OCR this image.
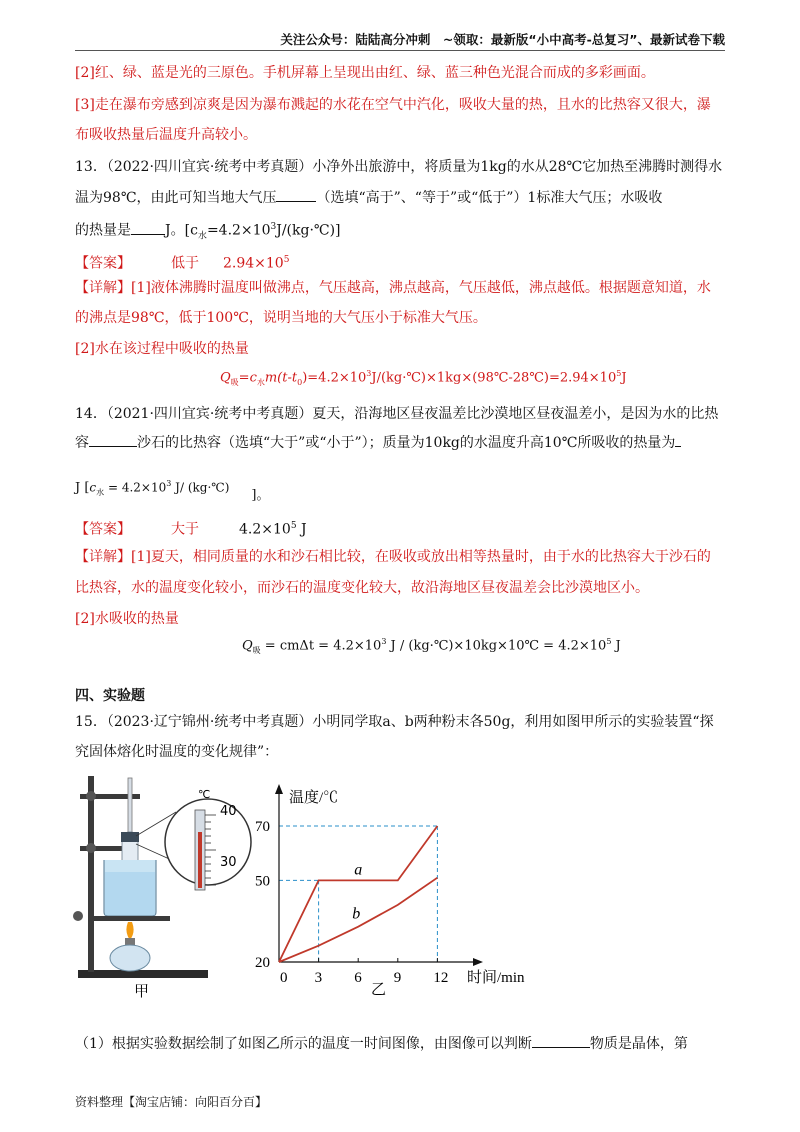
关注公众号：陆陆高分冲刺　~领取：最新版“小中高考-总复习”、最新试卷下载
[2]红、绿、蓝是光的三原色。手机屏幕上呈现出由红、绿、蓝三种色光混合而成的多彩画面。
[3]走在瀑布旁感到凉爽是因为瀑布溅起的水花在空气中汽化，吸收大量的热，且水的比热容又很大，瀑
布吸收热量后温度升高较小。
13．（2022·四川宜宾·统考中考真题）小净外出旅游中，将质量为1kg的水从28℃它加热至沸腾时测得水
温为98℃，由此可知当地大气压	（选填“高于”、“等于”或“低于”）1标准大气压；水吸收
的热量是 J。$[c_水=4.2\times 10^3J/(kg\cdot℃)]$
【答案】	低于 $2.94\times 10^5$
【详解】[1]液体沸腾时温度叫做沸点，气压越高，沸点越高，气压越低，沸点越低。根据题意知道，水
的沸点是98℃，低于100℃，说明当地的大气压小于标准大气压。
[2]水在该过程中吸收的热量
$Q_吸=c_水m(t-t_0)=4.2\times 10^3J/(kg\cdot℃)\times 1kg\times(98℃-28℃)=2.94\times 10^5J$
14．（2021·四川宜宾·统考中考真题）夏天，沿海地区昼夜温差比沙漠地区昼夜温差小，是因为水的比热
容	沙石的比热容（选填“大于”或“小于”）；质量为10kg的水温度升高10℃所吸收的热量为
J [$c_水 = 4.2\times 10^3$ J/ (kg·℃)]。
【答案】	大于	$4.2\times 10^5$ J
【详解】[1]夏天，相同质量的水和沙石相比较，在吸收或放出相等热量时，由于水的比热容大于沙石的
比热容，水的温度变化较小，而沙石的温度变化较大，故沿海地区昼夜温差会比沙漠地区小。
[2]水吸收的热量
$Q_吸 = cm\Delta t = 4.2\times 10^3$ J / (kg·℃)×10kg×10℃ = $4.2\times 10^5$ J
四、实验题
15．（2023·辽宁锦州·统考中考真题）小明同学取a、b两种粉末各50g，利用如图甲所示的实验装置“探
究固体熔化时温度的变化规律”：
℃
40
30
甲
温度/℃
时间/min
0 3 6 9 12
20
50
70
a
b
乙
（1）根据实验数据绘制了如图乙所示的温度一时间图像，由图像可以判断	物质是晶体，第
资料整理【淘宝店铺：向阳百分百】
